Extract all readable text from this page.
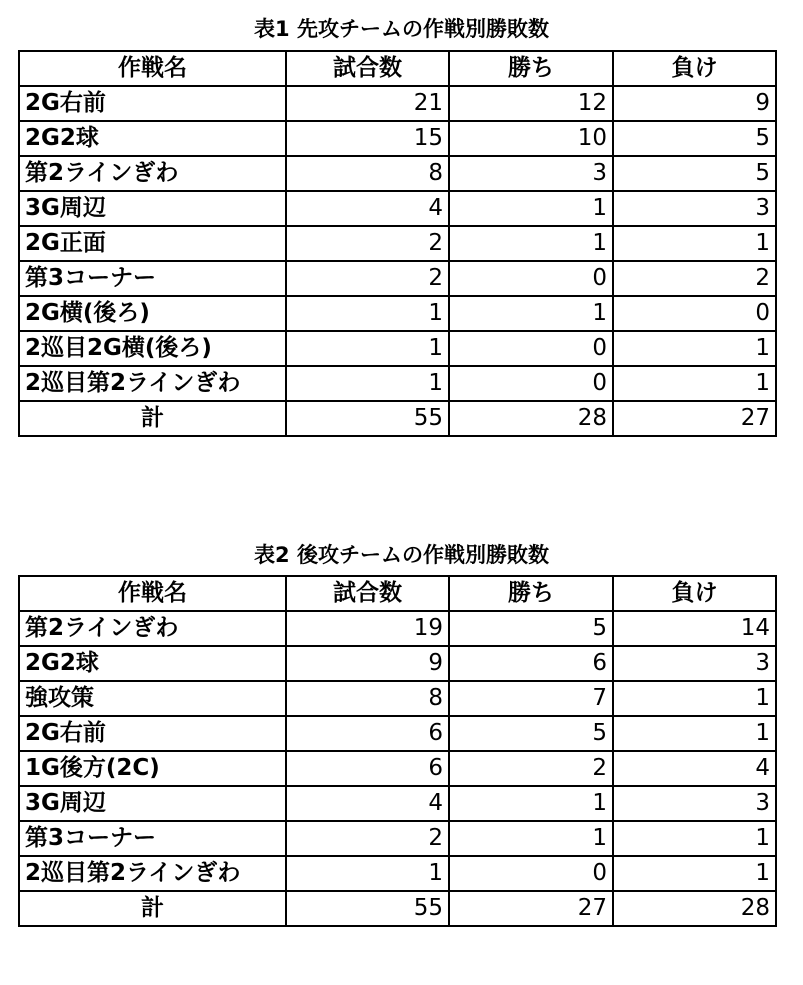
表1 先攻チームの作戦別勝敗数
作戦名	試合数	勝ち	負け
2G右前	21	12	9
2G2球	15	10	5
第2ラインぎわ	8	3	5
3G周辺	4	1	3
2G正面	2	1	1
第3コーナー	2	0	2
2G横(後ろ)	1	1	0
2巡目2G横(後ろ)	1	0	1
2巡目第2ラインぎわ	1	0	1
計	55	28	27
表2 後攻チームの作戦別勝敗数
作戦名	試合数	勝ち	負け
第2ラインぎわ	19	5	14
2G2球	9	6	3
強攻策	8	7	1
2G右前	6	5	1
1G後方(2C)	6	2	4
3G周辺	4	1	3
第3コーナー	2	1	1
2巡目第2ラインぎわ	1	0	1
計	55	27	28
